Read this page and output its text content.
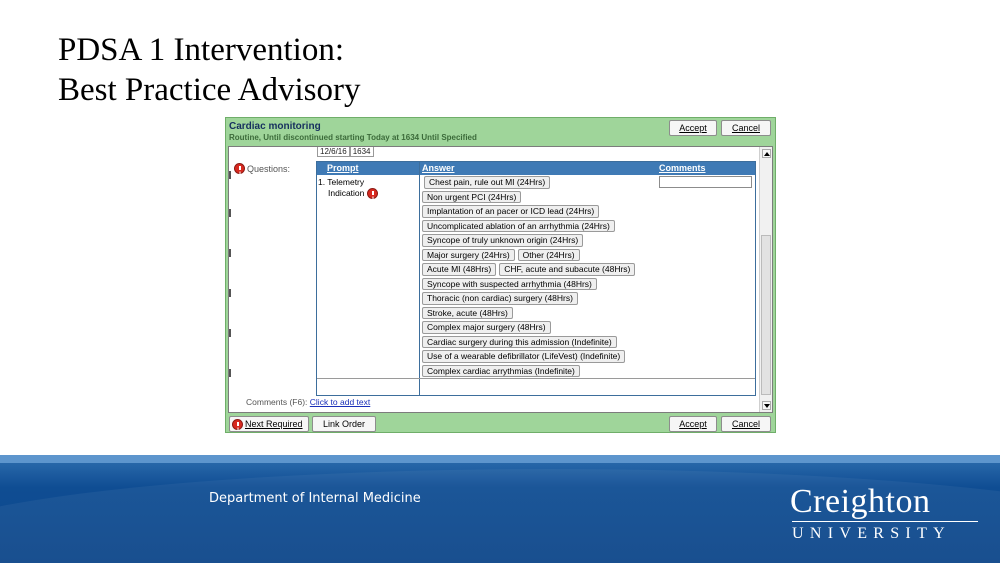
PDSA 1 Intervention:
Best Practice Advisory
Cardiac monitoring
Routine, Until discontinued starting Today at 1634 Until Specified
Accept	Cancel
12/6/16 1634
Questions:	Prompt	Answer	Comments
1. Telemetry
Indication
Chest pain, rule out MI (24Hrs)
Non urgent PCI (24Hrs)
Implantation of an pacer or ICD lead (24Hrs)
Uncomplicated ablation of an arrhythmia (24Hrs)
Syncope of truly unknown origin (24Hrs)
Major surgery (24Hrs)	Other (24Hrs)
Acute MI (48Hrs)	CHF, acute and subacute (48Hrs)
Syncope with suspected arrhythmia (48Hrs)
Thoracic (non cardiac) surgery (48Hrs)
Stroke, acute (48Hrs)
Complex major surgery (48Hrs)
Cardiac surgery during this admission (Indefinite)
Use of a wearable defibrillator (LifeVest) (Indefinite)
Complex cardiac arrythmias (Indefinite)
Comments (F6): Click to add text
Next Required Link Order	Accept	Cancel
Department of Internal Medicine	Creighton
UNIVERSITY
